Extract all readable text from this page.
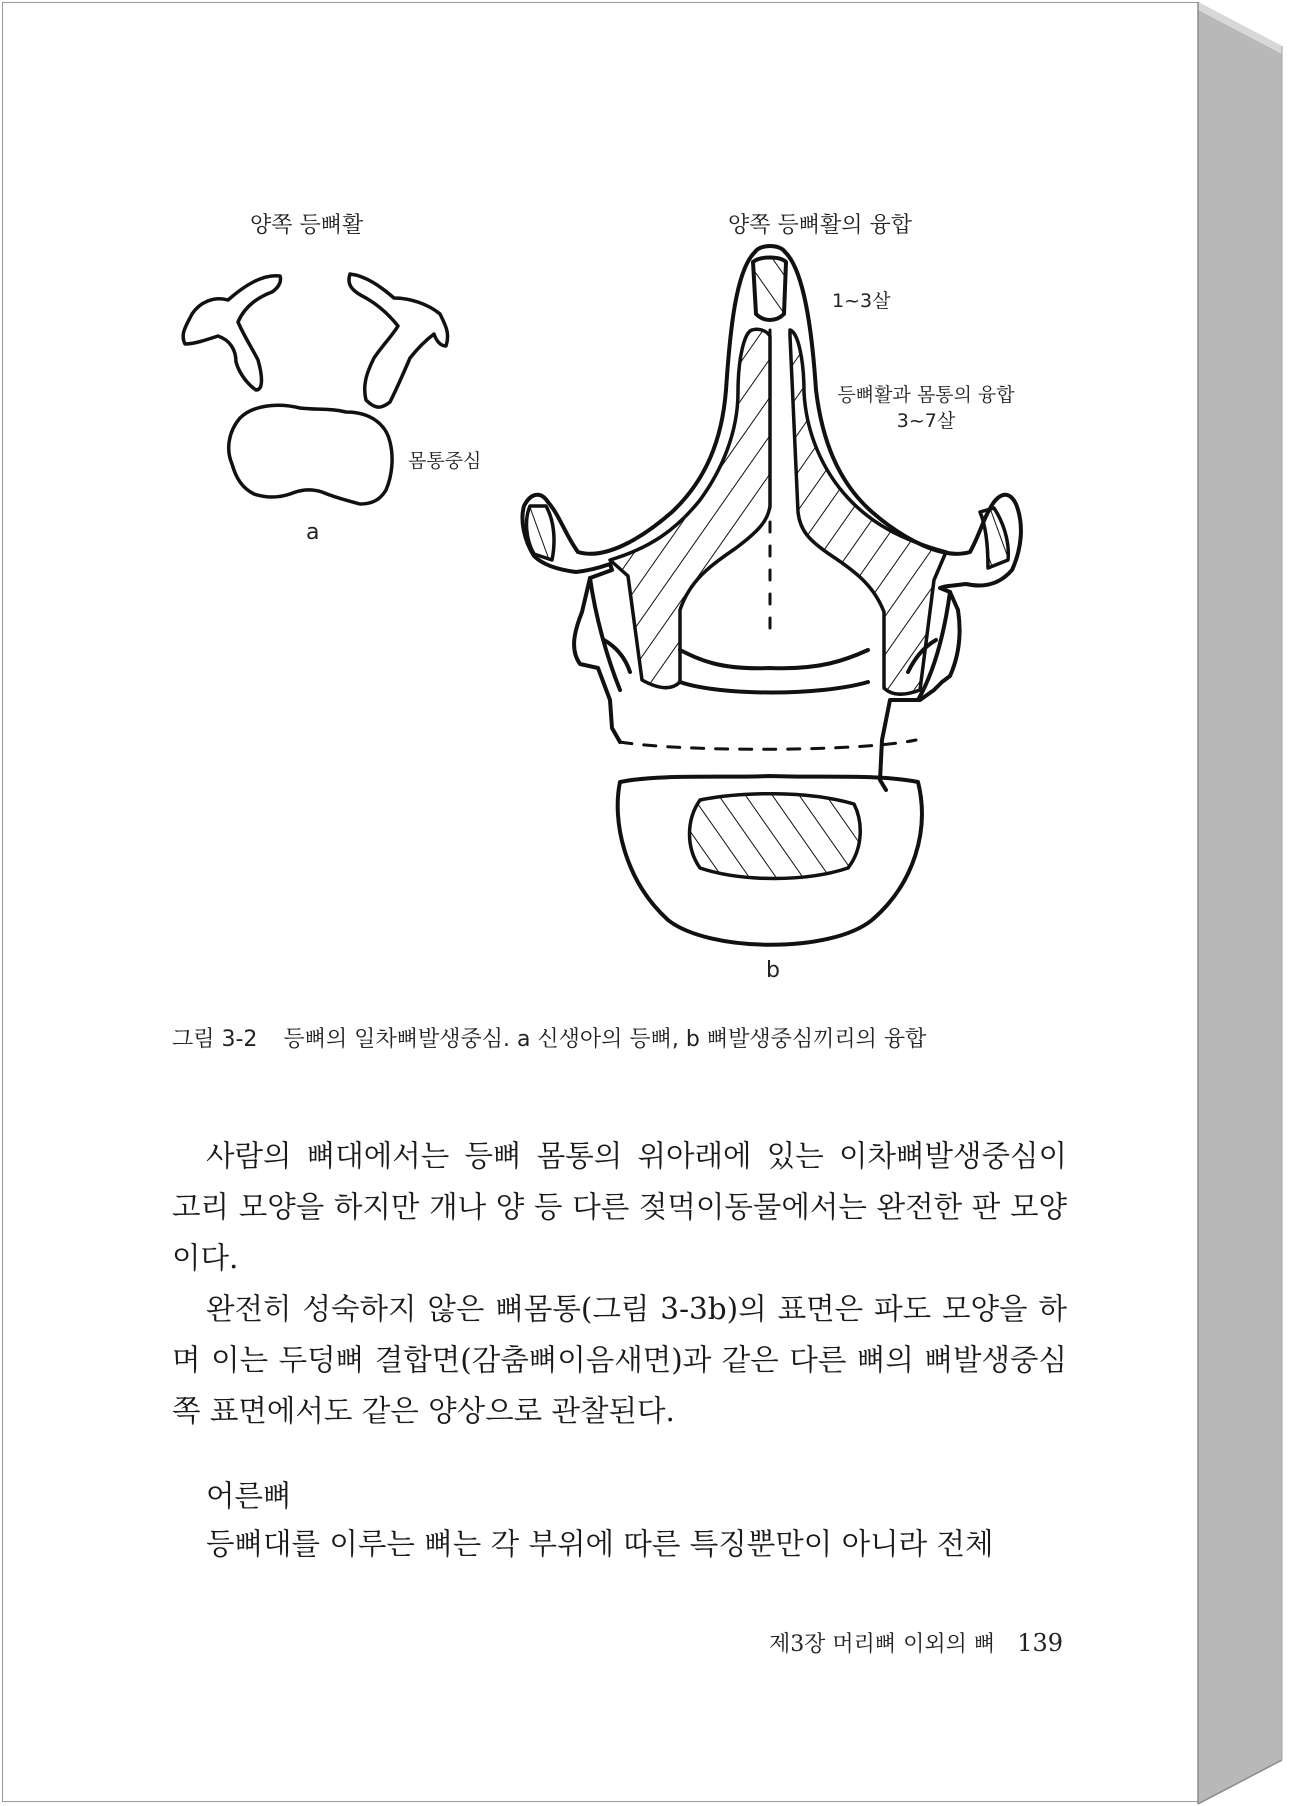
양쪽 등뼈활
몸통중심
a
양쪽 등뼈활의 융합
1~3살
등뼈활과 몸통의 융합
3~7살
b
그림 3-2 등뼈의 일차뼈발생중심. a 신생아의 등뼈, b 뼈발생중심끼리의 융합

사람의 뼈대에서는 등뼈 몸통의 위아래에 있는 이차뼈발생중심이 고리 모양을 하지만 개나 양 등 다른 젖먹이동물에서는 완전한 판 모양이다.

완전히 성숙하지 않은 뼈몸통(그림 3-3b)의 표면은 파도 모양을 하며 이는 두덩뼈 결합면(감춤뼈이음새면)과 같은 다른 뼈의 뼈발생중심 쪽 표면에서도 같은 양상으로 관찰된다.

어른뼈

등뼈대를 이루는 뼈는 각 부위에 따른 특징뿐만이 아니라 전체

제3장 머리뼈 이외의 뼈 139
